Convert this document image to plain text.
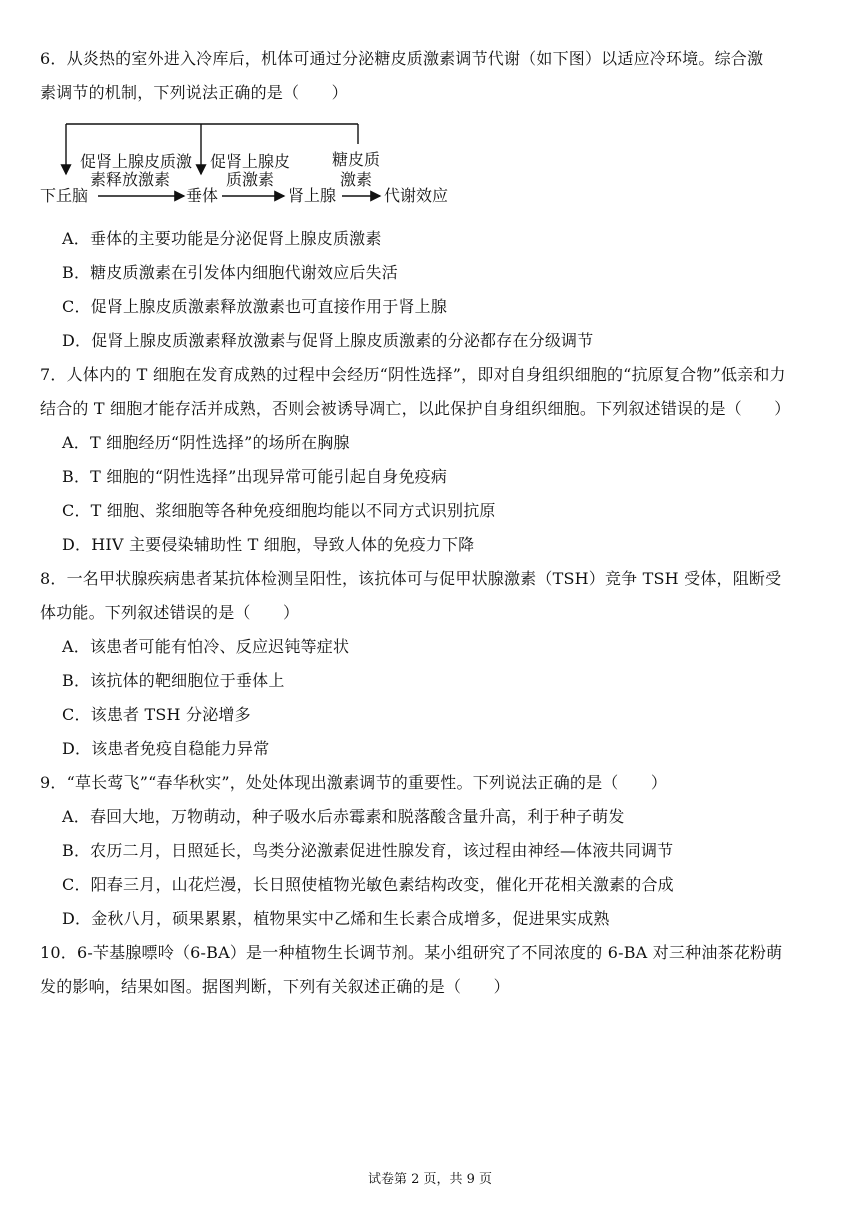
6．从炎热的室外进入冷库后，机体可通过分泌糖皮质激素调节代谢（如下图）以适应冷环境。综合激
素调节的机制，下列说法正确的是（　　）
促肾上腺皮质激
素释放激素
促肾上腺皮
质激素
糖皮质
激素
下丘脑	垂体	肾上腺	代谢效应
A．垂体的主要功能是分泌促肾上腺皮质激素
B．糖皮质激素在引发体内细胞代谢效应后失活
C．促肾上腺皮质激素释放激素也可直接作用于肾上腺
D．促肾上腺皮质激素释放激素与促肾上腺皮质激素的分泌都存在分级调节
7．人体内的 T 细胞在发育成熟的过程中会经历“阴性选择”，即对自身组织细胞的“抗原复合物”低亲和力
结合的 T 细胞才能存活并成熟，否则会被诱导凋亡，以此保护自身组织细胞。下列叙述错误的是（　　）
A．T 细胞经历“阴性选择”的场所在胸腺
B．T 细胞的“阴性选择”出现异常可能引起自身免疫病
C．T 细胞、浆细胞等各种免疫细胞均能以不同方式识别抗原
D．HIV 主要侵染辅助性 T 细胞，导致人体的免疫力下降
8．一名甲状腺疾病患者某抗体检测呈阳性，该抗体可与促甲状腺激素（TSH）竞争 TSH 受体，阻断受
体功能。下列叙述错误的是（　　）
A．该患者可能有怕冷、反应迟钝等症状
B．该抗体的靶细胞位于垂体上
C．该患者 TSH 分泌增多
D．该患者免疫自稳能力异常
9．“草长莺飞”“春华秋实”，处处体现出激素调节的重要性。下列说法正确的是（　　）
A．春回大地，万物萌动，种子吸水后赤霉素和脱落酸含量升高，利于种子萌发
B．农历二月，日照延长，鸟类分泌激素促进性腺发育，该过程由神经—体液共同调节
C．阳春三月，山花烂漫，长日照使植物光敏色素结构改变，催化开花相关激素的合成
D．金秋八月，硕果累累，植物果实中乙烯和生长素合成增多，促进果实成熟
10．6-苄基腺嘌呤（6-BA）是一种植物生长调节剂。某小组研究了不同浓度的 6-BA 对三种油茶花粉萌
发的影响，结果如图。据图判断，下列有关叙述正确的是（　　）
试卷第 2 页，共 9 页
